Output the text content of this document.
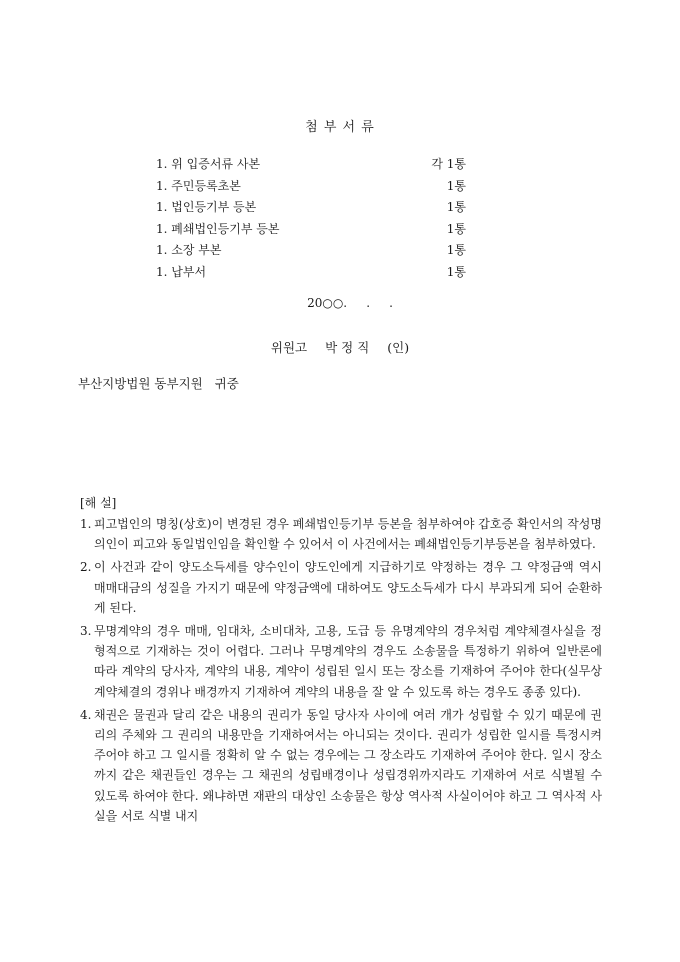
첨 부 서 류
1. 위 입증서류 사본	각 1통
1. 주민등록초본	1통
1. 법인등기부 등본	1통
1. 폐쇄법인등기부 등본	1통
1. 소장 부본	1통
1. 납부서	1통
20○○.     .     .
위원고 박 정 직 (인)
부산지방법원 동부지원   귀중
[해 설]
1. 피고법인의 명칭(상호)이 변경된 경우 폐쇄법인등기부 등본을 첨부하여야 갑호증 확인서의 작성명의인이 피고와 동일법인임을 확인할 수 있어서 이 사건에서는 폐쇄법인등기부등본을 첨부하였다.
2. 이 사건과 같이 양도소득세를 양수인이 양도인에게 지급하기로 약정하는 경우 그 약정금액 역시 매매대금의 성질을 가지기 때문에 약정금액에 대하여도 양도소득세가 다시 부과되게 되어 순환하게 된다.
3. 무명계약의 경우 매매, 임대차, 소비대차, 고용, 도급 등 유명계약의 경우처럼 계약체결사실을 정형적으로 기재하는 것이 어렵다. 그러나 무명계약의 경우도 소송물을 특정하기 위하여 일반론에 따라 계약의 당사자, 계약의 내용, 계약이 성립된 일시 또는 장소를 기재하여 주어야 한다(실무상 계약체결의 경위나 배경까지 기재하여 계약의 내용을 잘 알 수 있도록 하는 경우도 종종 있다).
4. 채권은 물권과 달리 같은 내용의 권리가 동일 당사자 사이에 여러 개가 성립할 수 있기 때문에 권리의 주체와 그 권리의 내용만을 기재하여서는 아니되는 것이다. 권리가 성립한 일시를 특정시켜 주어야 하고 그 일시를 정확히 알 수 없는 경우에는 그 장소라도 기재하여 주어야 한다. 일시 장소까지 같은 채권들인 경우는 그 채권의 성립배경이나 성립경위까지라도 기재하여 서로 식별될 수 있도록 하여야 한다. 왜냐하면 재판의 대상인 소송물은 항상 역사적 사실이어야 하고 그 역사적 사실을 서로 식별 내지
